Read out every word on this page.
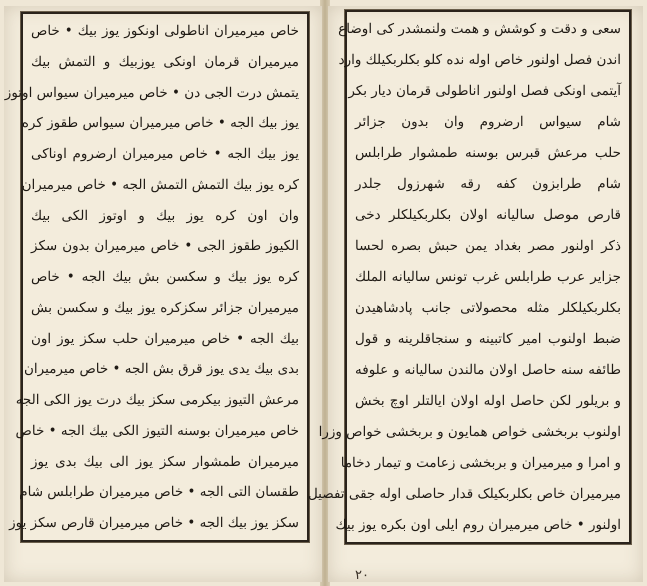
خاص میرمیران اناطولی اونکوز یوز بیك • خاص
میرمیران قرمان اونکی یوزبیك و التمش بیك
یتمش درت الجی دن • خاص میرمیران سیواس اوتوز
یوز بیك الجه • خاص میرمیران سیواس طقوز کره
یوز بیك الجه • خاص میرمیران ارضروم اوناکی
کره یوز بیك التمش التمش الجه • خاص میرمیران
وان اون کره یوز بیك و اوتوز الکی بیك
الکیوز طقوز الجی • خاص میرمیران بدون سکز
کره یوز بیك و سکسن بش بیك الجه • خاص
میرمیران جزائر سکزکره یوز بیك و سکسن بش
بیك الجه • خاص میرمیران حلب سکز یوز اون
بدی بیك یدی یوز قرق بش الجه • خاص میرمیران
مرعش التیوز بیکرمی سکز بیك درت یوز الکی الجه
خاص میرمیران بوسنه التیوز الکی بیك الجه • خاص
میرمیران طمشوار سکز یوز الی بیك بدی یوز
طقسان التی الجه • خاص میرمیران طرابلس شام
سکز یوز بیك الجه • خاص میرمیران قارص سکز یوز
سعی و دقت و کوشش و همت ولنمشدر کی اوضاع
اندن فصل اولنور خاص اوله نده کلو بکلربکیلك وارد
آیتمی اونکی فصل اولنور اناطولی قرمان دیار بکر
شام سیواس ارضروم وان بدون جزائر
حلب مرعش قبرس بوسنه طمشوار طرابلس
شام طرابزون کفه رقه شهرزول جلدر
قارص موصل سالیانه اولان بکلربکیلکلر دخی
ذکر اولنور مصر بغداد یمن حبش بصره لحسا
جزایر عرب طرابلس غرب تونس سالیانه الملك
بکلربکیلکلر مثله محصولاتی جانب پادشاهیدن
ضبط اولنوب امیر کاتبینه و سنجاقلرینه و قول
طائفه سنه حاصل اولان مالندن سالیانه و علوفه
و بریلور لکن حاصل اوله اولان ایالتلر اوچ بخش
اولنوب بربخشی خواص همایون و بربخشی خواص وزرا
و امرا و میرمیران و بربخشی زعامت و تیمار دخاما
میرمیران خاص بکلربکیلک قدار حاصلی اوله جقی تفصیل
اولنور • خاص میرمیران روم ایلی اون بکره یوز بیك
۲۰
